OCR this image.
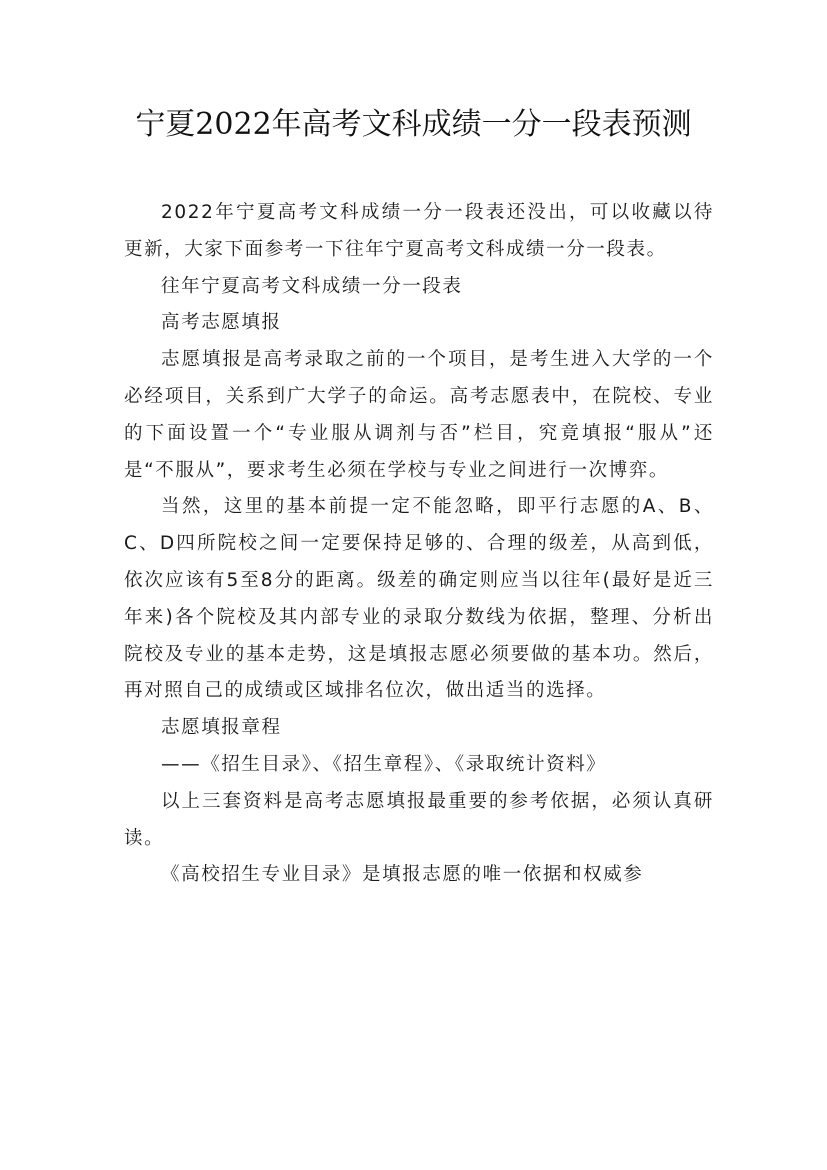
宁夏2022年高考文科成绩一分一段表预测

2022年宁夏高考文科成绩一分一段表还没出，可以收藏以待更新，大家下面参考一下往年宁夏高考文科成绩一分一段表。

往年宁夏高考文科成绩一分一段表

高考志愿填报

志愿填报是高考录取之前的一个项目，是考生进入大学的一个必经项目，关系到广大学子的命运。高考志愿表中，在院校、专业的下面设置一个“专业服从调剂与否”栏目，究竟填报“服从”还是“不服从”，要求考生必须在学校与专业之间进行一次博弈。

当然，这里的基本前提一定不能忽略，即平行志愿的A、B、C、D四所院校之间一定要保持足够的、合理的级差，从高到低，依次应该有5至8分的距离。级差的确定则应当以往年(最好是近三年来)各个院校及其内部专业的录取分数线为依据，整理、分析出院校及专业的基本走势，这是填报志愿必须要做的基本功。然后，再对照自己的成绩或区域排名位次，做出适当的选择。

志愿填报章程

——《招生目录》、《招生章程》、《录取统计资料》

以上三套资料是高考志愿填报最重要的参考依据，必须认真研读。

《高校招生专业目录》是填报志愿的唯一依据和权威参
